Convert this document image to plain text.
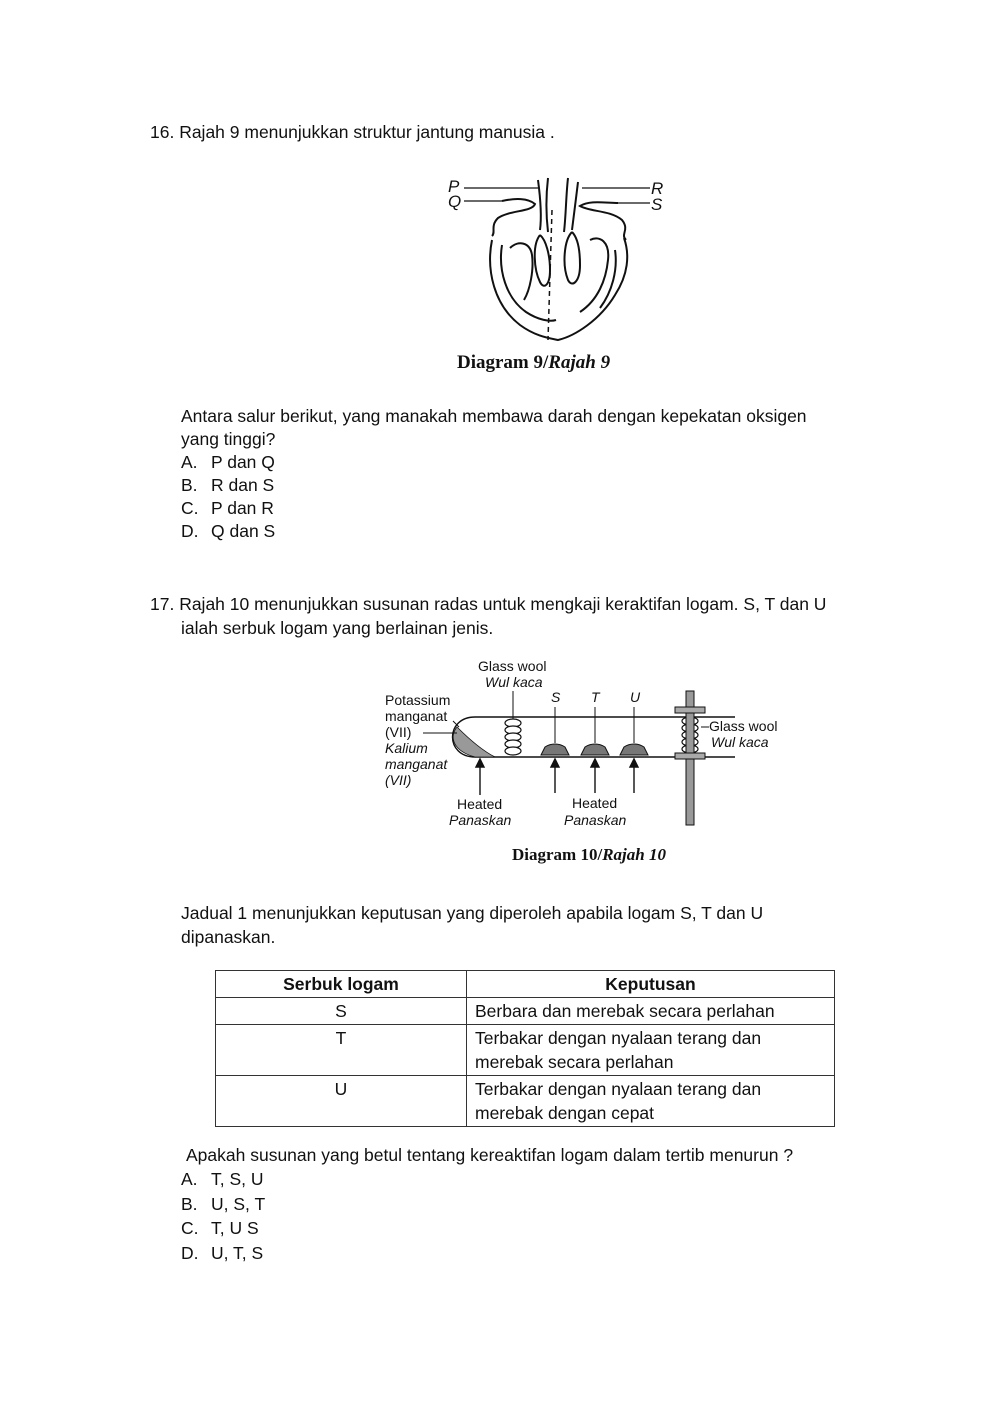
16. Rajah 9 menunjukkan struktur jantung manusia .
P
Q
R
S
Diagram 9/Rajah 9
Antara salur berikut, yang manakah membawa darah dengan kepekatan oksigen
yang tinggi?
A. P dan Q
B. R dan S
C. P dan R
D. Q dan S
17. Rajah 10 menunjukkan susunan radas untuk mengkaji keraktifan logam. S, T dan U
ialah serbuk logam yang berlainan jenis.
Glass wool
Wul kaca
S T U
Potassium
manganat
(VII)
Kalium
manganat
(VII)
Glass wool
Wul kaca
Heated
Panaskan
Heated
Panaskan
Diagram 10/Rajah 10
Jadual 1 menunjukkan keputusan yang diperoleh apabila logam S, T dan U
dipanaskan.
Serbuk logam	Keputusan
S	Berbara dan merebak secara perlahan
T	Terbakar dengan nyalaan terang dan
merebak secara perlahan
U	Terbakar dengan nyalaan terang dan
merebak dengan cepat
Apakah susunan yang betul tentang kereaktifan logam dalam tertib menurun ?
A. T, S, U
B. U, S, T
C. T, U S
D. U, T, S
